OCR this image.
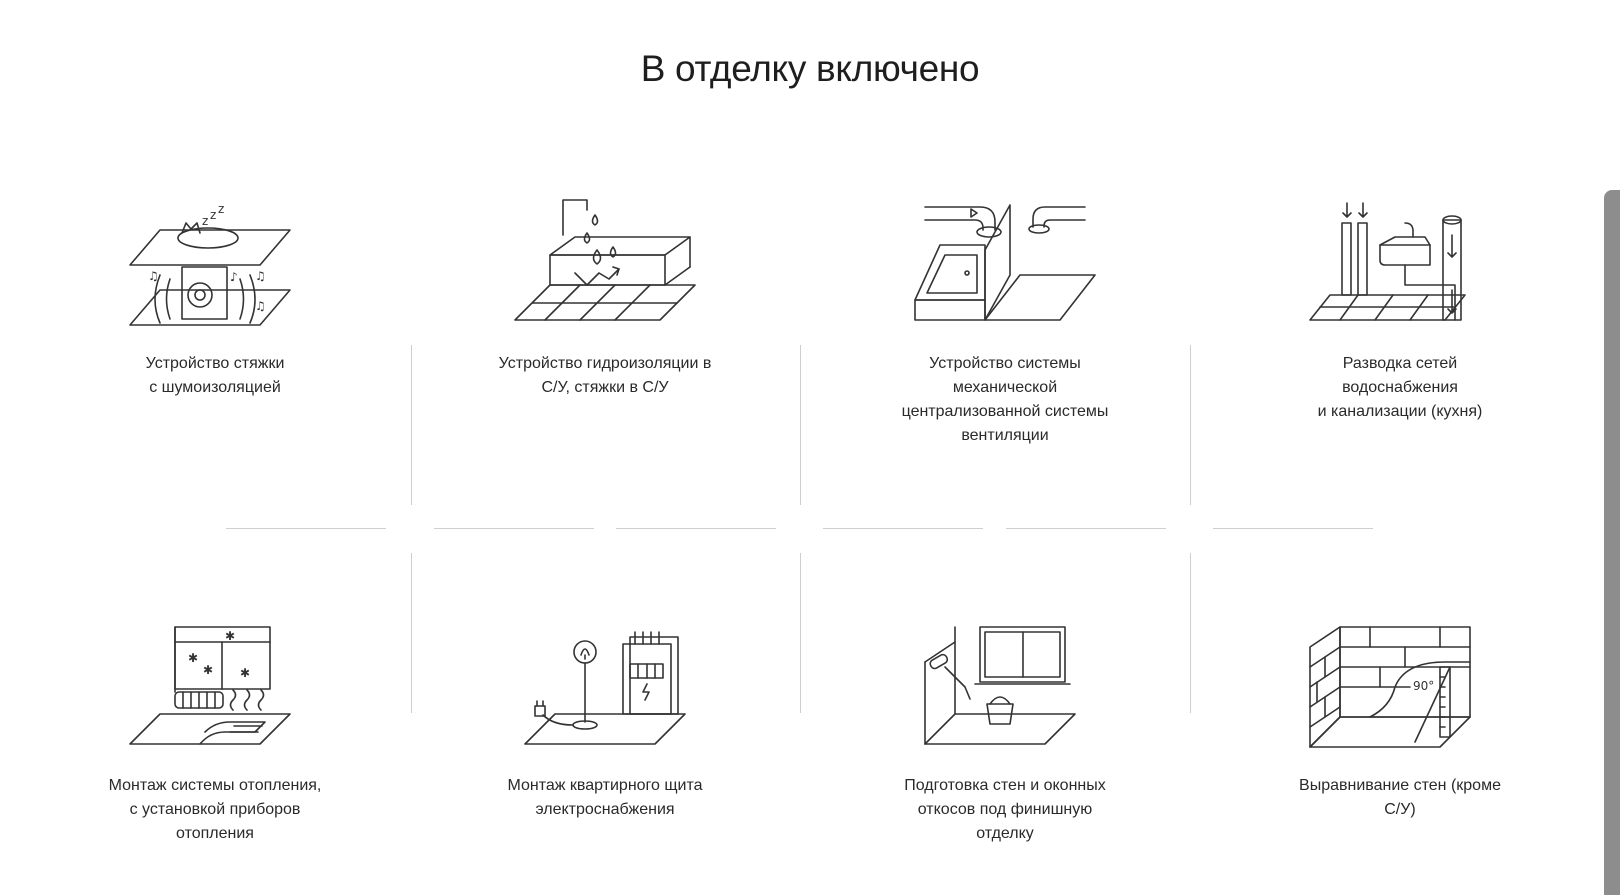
В отделку включено
z z z
♫	♫
♫
♪
Устройство стяжки
с шумоизоляцией
Устройство гидроизоляции в
С/У, стяжки в С/У
Устройство системы
механической
централизованной системы
вентиляции
Разводка сетей
водоснабжения
и канализации (кухня)
✱
✱
✱ ✱
Монтаж системы отопления,
с установкой приборов
отопления
Монтаж квартирного щита
электроснабжения
Подготовка стен и оконных
откосов под финишную
отделку
90°
Выравнивание стен (кроме
С/У)
